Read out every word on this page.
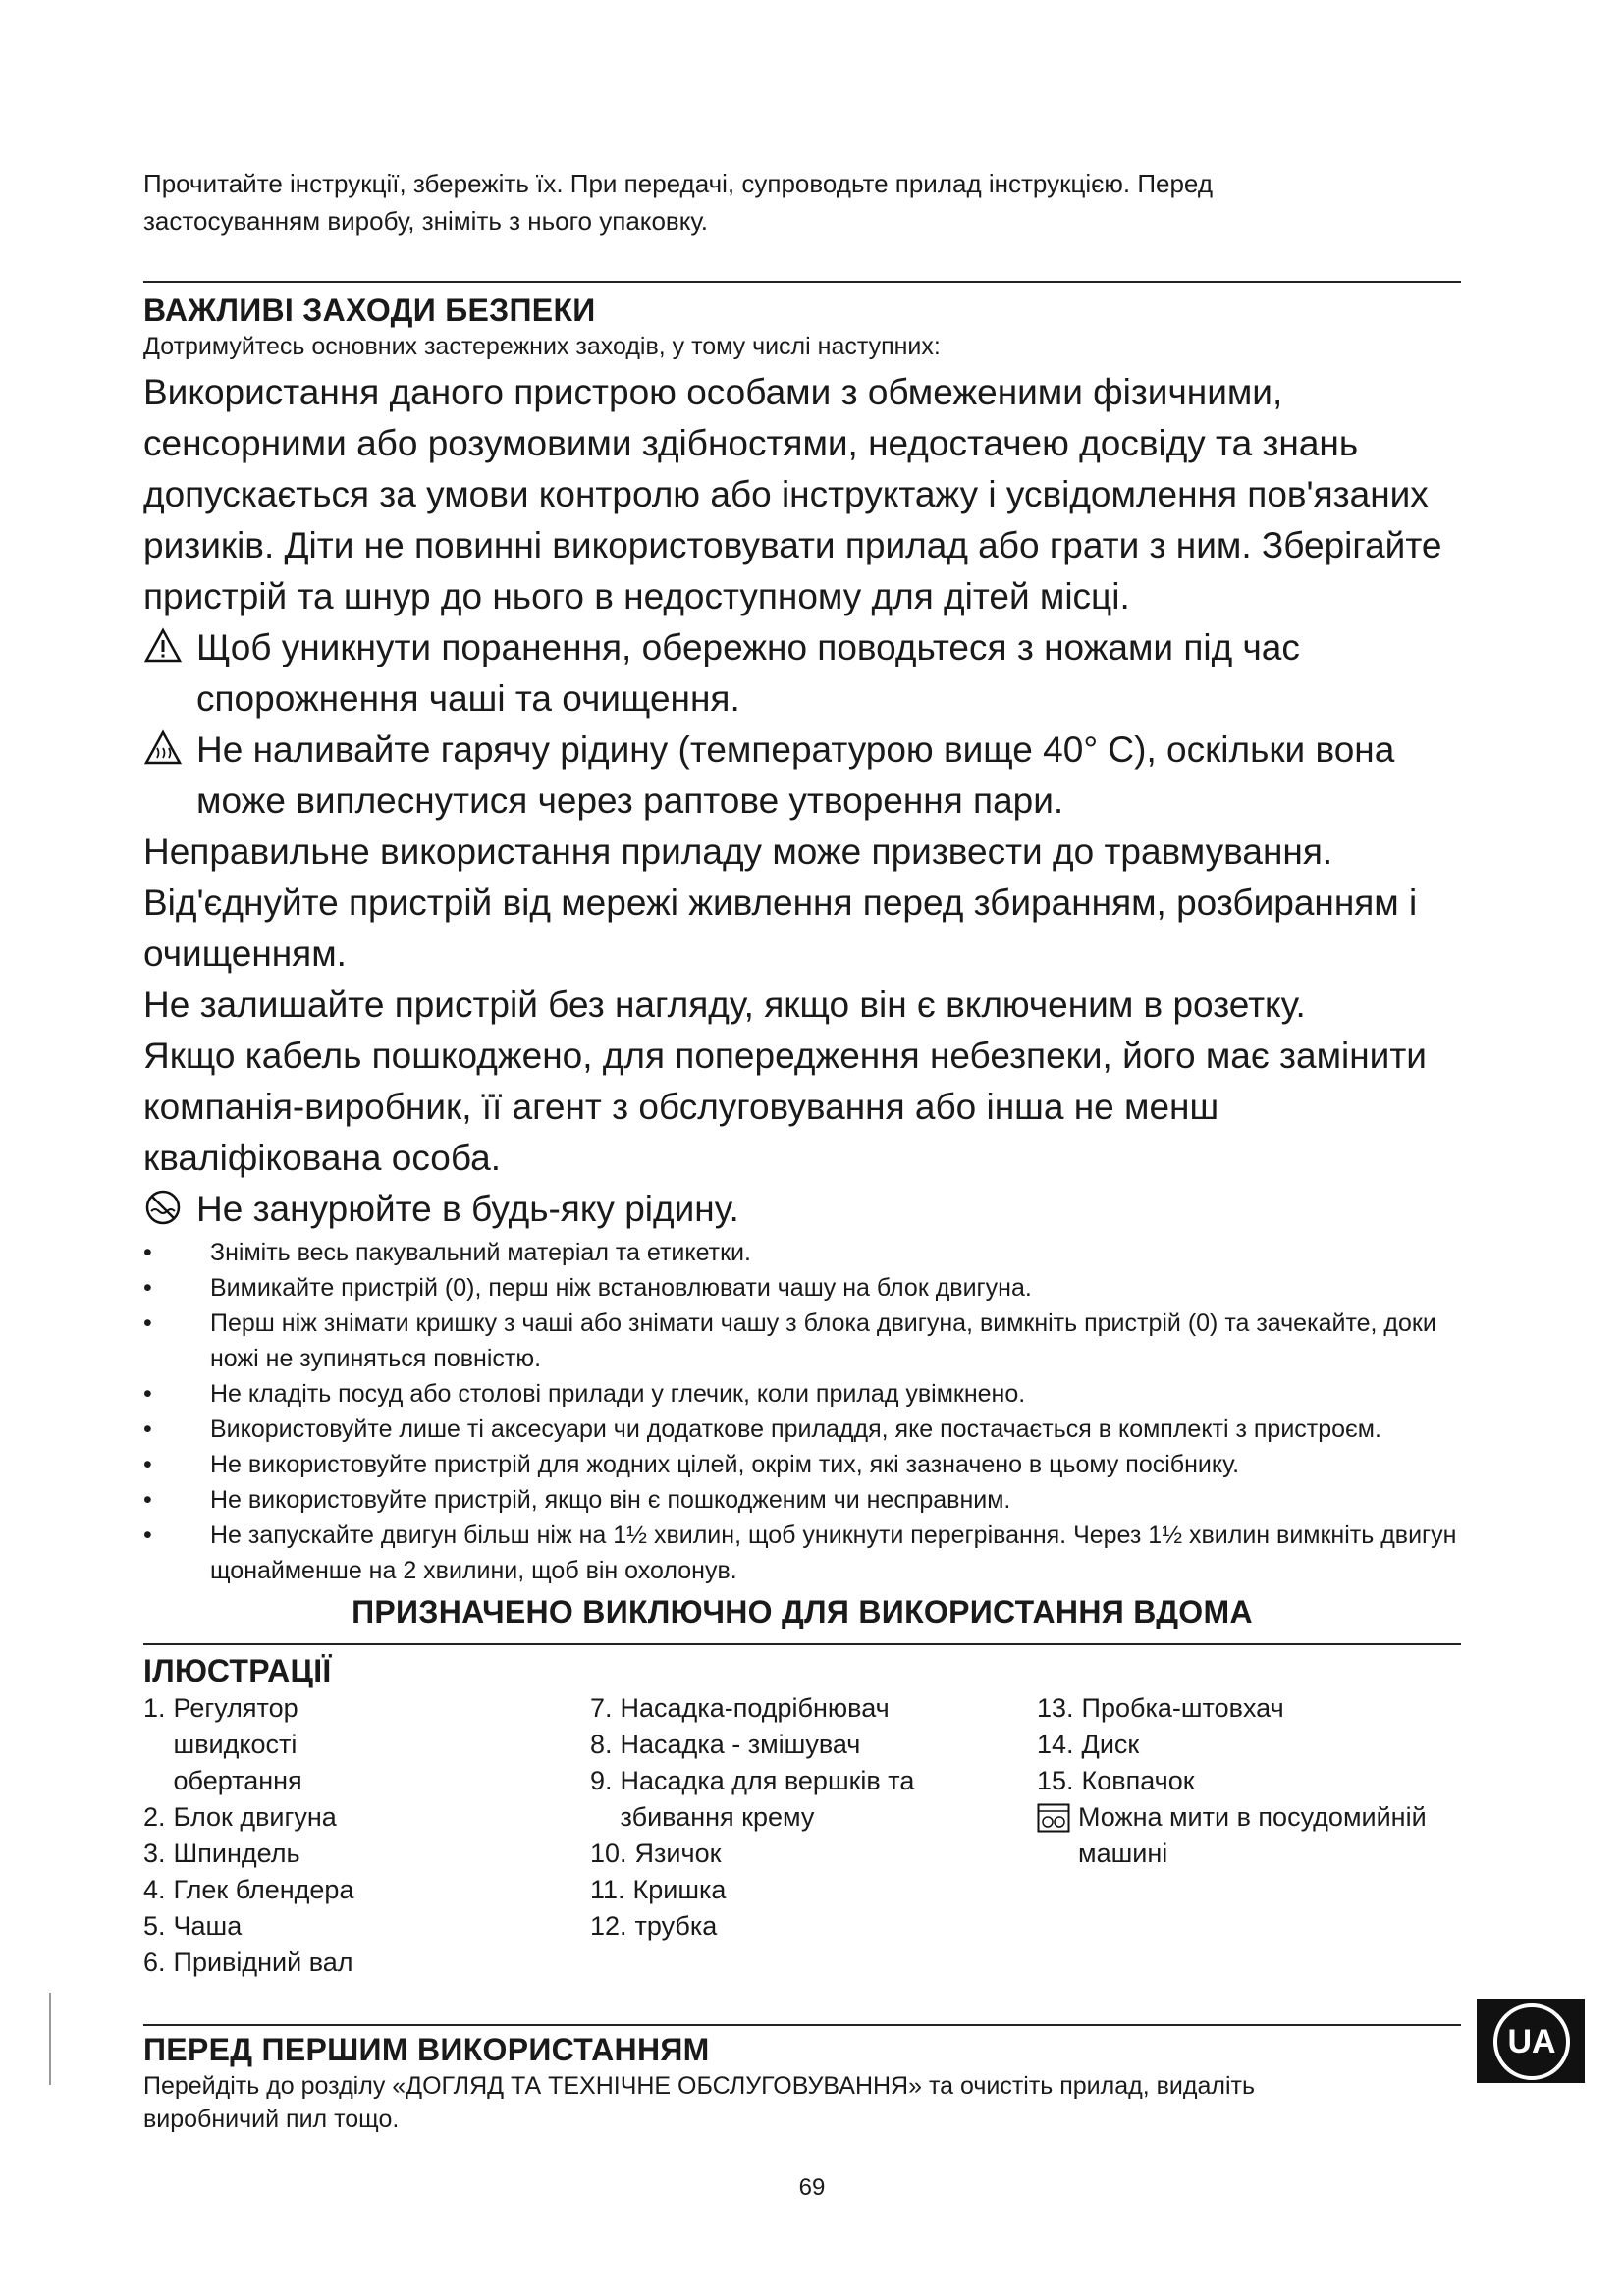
Прочитайте інструкції, збережіть їх. При передачі, супроводьте прилад інструкцією. Перед застосуванням виробу, зніміть з нього упаковку.

ВАЖЛИВІ ЗАХОДИ БЕЗПЕКИ

Дотримуйтесь основних застережних заходів, у тому числі наступних:

Використання даного пристрою особами з обмеженими фізичними, сенсорними або розумовими здібностями, недостачею досвіду та знань допускається за умови контролю або інструктажу і усвідомлення пов'язаних ризиків. Діти не повинні використовувати прилад або грати з ним. Зберігайте пристрій та шнур до нього в недоступному для дітей місці.

Щоб уникнути поранення, обережно поводьтеся з ножами під час спорожнення чаші та очищення.

Не наливайте гарячу рідину (температурою вище 40° C), оскільки вона може виплеснутися через раптове утворення пари.

Неправильне використання приладу може призвести до травмування.

Від'єднуйте пристрій від мережі живлення перед збиранням, розбиранням і очищенням.

Не залишайте пристрій без нагляду, якщо він є включеним в розетку.

Якщо кабель пошкоджено, для попередження небезпеки, його має замінити компанія-виробник, її агент з обслуговування або інша не менш кваліфікована особа.

Не занурюйте в будь-яку рідину.

•	Зніміть весь пакувальний матеріал та етикетки.
•	Вимикайте пристрій (0), перш ніж встановлювати чашу на блок двигуна.
•	Перш ніж знімати кришку з чаші або знімати чашу з блока двигуна, вимкніть пристрій (0) та зачекайте, доки ножі не зупиняться повністю.
•	Не кладіть посуд або столові прилади у глечик, коли прилад увімкнено.
•	Використовуйте лише ті аксесуари чи додаткове приладдя, яке постачається в комплекті з пристроєм.
•	Не використовуйте пристрій для жодних цілей, окрім тих, які зазначено в цьому посібнику.
•	Не використовуйте пристрій, якщо він є пошкодженим чи несправним.
•	Не запускайте двигун більш ніж на 1½ хвилин, щоб уникнути перегрівання. Через 1½ хвилин вимкніть двигун щонайменше на 2 хвилини, щоб він охолонув.

ПРИЗНАЧЕНО ВИКЛЮЧНО ДЛЯ ВИКОРИСТАННЯ ВДОМА

ІЛЮСТРАЦІЇ
1. Регулятор швидкості обертання
2. Блок двигуна
3. Шпиндель
4. Глек блендера
5. Чаша
6. Привідний вал
7. Насадка-подрібнювач
8. Насадка - змішувач
9. Насадка для вершків та збивання крему
10. Язичок
11. Кришка
12. трубка
13. Пробка-штовхач
14. Диск
15. Ковпачок
Можна мити в посудомийній машині
ПЕРЕД ПЕРШИМ ВИКОРИСТАННЯМ

Перейдіть до розділу «ДОГЛЯД ТА ТЕХНІЧНЕ ОБСЛУГОВУВАННЯ» та очистіть прилад, видаліть виробничий пил тощо.

UA
69
